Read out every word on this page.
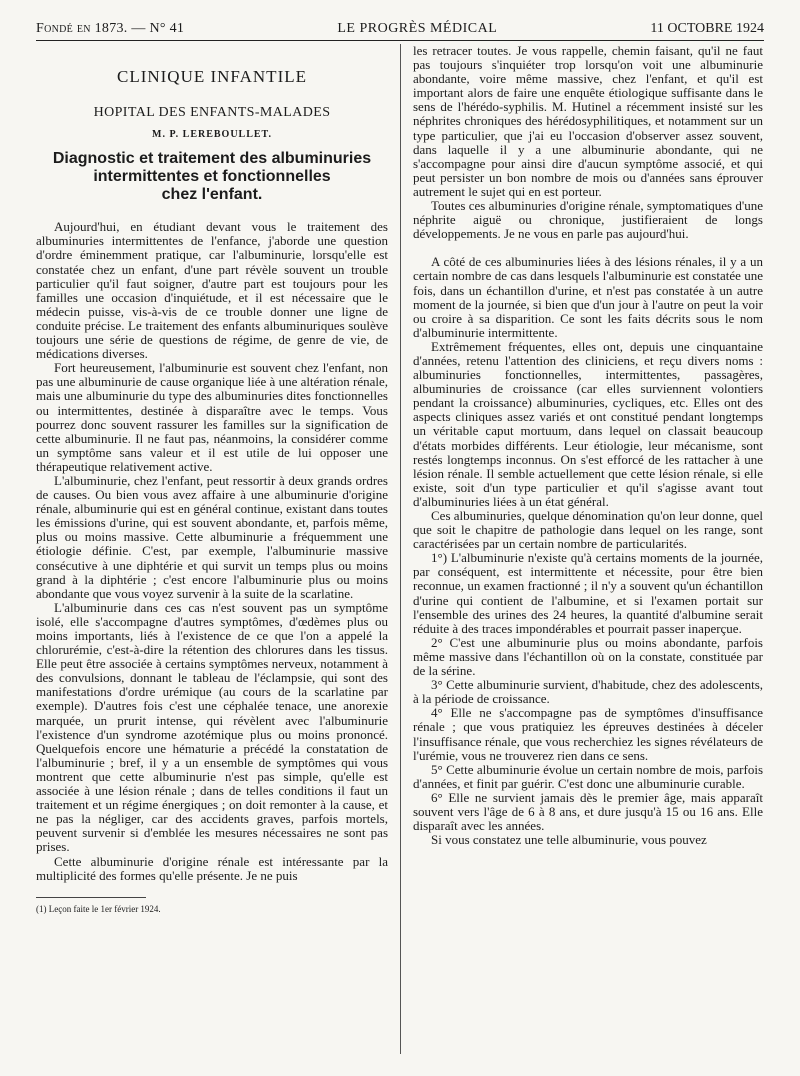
Fondé en 1873. — N° 41	LE PROGRÈS MÉDICAL	11 OCTOBRE 1924
CLINIQUE INFANTILE
HOPITAL DES ENFANTS-MALADES
M. P. LEREBOULLET.
Diagnostic et traitement des albuminuries
intermittentes et fonctionnelles
chez l'enfant.

Aujourd'hui, en étudiant devant vous le traitement des albuminuries intermittentes de l'enfance, j'aborde une question d'ordre éminemment pratique, car l'albuminurie, lorsqu'elle est constatée chez un enfant, d'une part révèle souvent un trouble particulier qu'il faut soigner, d'autre part est toujours pour les familles une occasion d'inquiétude, et il est nécessaire que le médecin puisse, vis-à-vis de ce trouble donner une ligne de conduite précise. Le traitement des enfants albuminuriques soulève toujours une série de questions de régime, de genre de vie, de médications diverses.

Fort heureusement, l'albuminurie est souvent chez l'enfant, non pas une albuminurie de cause organique liée à une altération rénale, mais une albuminurie du type des albuminuries dites fonctionnelles ou intermittentes, destinée à disparaître avec le temps. Vous pourrez donc souvent rassurer les familles sur la signification de cette albuminurie. Il ne faut pas, néanmoins, la considérer comme un symptôme sans valeur et il est utile de lui opposer une thérapeutique relativement active.

L'albuminurie, chez l'enfant, peut ressortir à deux grands ordres de causes. Ou bien vous avez affaire à une albuminurie d'origine rénale, albuminurie qui est en général continue, existant dans toutes les émissions d'urine, qui est souvent abondante, et, parfois même, plus ou moins massive. Cette albuminurie a fréquemment une étiologie définie. C'est, par exemple, l'albuminurie massive consécutive à une diphtérie et qui survit un temps plus ou moins grand à la diphtérie ; c'est encore l'albuminurie plus ou moins abondante que vous voyez survenir à la suite de la scarlatine.

L'albuminurie dans ces cas n'est souvent pas un symptôme isolé, elle s'accompagne d'autres symptômes, d'œdèmes plus ou moins importants, liés à l'existence de ce que l'on a appelé la chlorurémie, c'est-à-dire la rétention des chlorures dans les tissus. Elle peut être associée à certains symptômes nerveux, notamment à des convulsions, donnant le tableau de l'éclampsie, qui sont des manifestations d'ordre urémique (au cours de la scarlatine par exemple). D'autres fois c'est une céphalée tenace, une anorexie marquée, un prurit intense, qui révèlent avec l'albuminurie l'existence d'un syndrome azotémique plus ou moins prononcé. Quelquefois encore une hématurie a précédé la constatation de l'albuminurie ; bref, il y a un ensemble de symptômes qui vous montrent que cette albuminurie n'est pas simple, qu'elle est associée à une lésion rénale ; dans de telles conditions il faut un traitement et un régime énergiques ; on doit remonter à la cause, et ne pas la négliger, car des accidents graves, parfois mortels, peuvent survenir si d'emblée les mesures nécessaires ne sont pas prises.

Cette albuminurie d'origine rénale est intéressante par la multiplicité des formes qu'elle présente. Je ne puis

(1) Leçon faite le 1er février 1924.

les retracer toutes. Je vous rappelle, chemin faisant, qu'il ne faut pas toujours s'inquiéter trop lorsqu'on voit une albuminurie abondante, voire même massive, chez l'enfant, et qu'il est important alors de faire une enquête étiologique suffisante dans le sens de l'hérédo-syphilis. M. Hutinel a récemment insisté sur les néphrites chroniques des hérédosyphilitiques, et notamment sur un type particulier, que j'ai eu l'occasion d'observer assez souvent, dans laquelle il y a une albuminurie abondante, qui ne s'accompagne pour ainsi dire d'aucun symptôme associé, et qui peut persister un bon nombre de mois ou d'années sans éprouver autrement le sujet qui en est porteur.

Toutes ces albuminuries d'origine rénale, symptomatiques d'une néphrite aiguë ou chronique, justifieraient de longs développements. Je ne vous en parle pas aujourd'hui.

A côté de ces albuminuries liées à des lésions rénales, il y a un certain nombre de cas dans lesquels l'albuminurie est constatée une fois, dans un échantillon d'urine, et n'est pas constatée à un autre moment de la journée, si bien que d'un jour à l'autre on peut la voir ou croire à sa disparition. Ce sont les faits décrits sous le nom d'albuminurie intermittente.

Extrêmement fréquentes, elles ont, depuis une cinquantaine d'années, retenu l'attention des cliniciens, et reçu divers noms : albuminuries fonctionnelles, intermittentes, passagères, albuminuries de croissance (car elles surviennent volontiers pendant la croissance) albuminuries, cycliques, etc. Elles ont des aspects cliniques assez variés et ont constitué pendant longtemps un véritable caput mortuum, dans lequel on classait beaucoup d'états morbides différents. Leur étiologie, leur mécanisme, sont restés longtemps inconnus. On s'est efforcé de les rattacher à une lésion rénale. Il semble actuellement que cette lésion rénale, si elle existe, soit d'un type particulier et qu'il s'agisse avant tout d'albuminuries liées à un état général.

Ces albuminuries, quelque dénomination qu'on leur donne, quel que soit le chapitre de pathologie dans lequel on les range, sont caractérisées par un certain nombre de particularités.

1°) L'albuminurie n'existe qu'à certains moments de la journée, par conséquent, est intermittente et nécessite, pour être bien reconnue, un examen fractionné ; il n'y a souvent qu'un échantillon d'urine qui contient de l'albumine, et si l'examen portait sur l'ensemble des urines des 24 heures, la quantité d'albumine serait réduite à des traces impondérables et pourrait passer inaperçue.

2° C'est une albuminurie plus ou moins abondante, parfois même massive dans l'échantillon où on la constate, constituée par de la sérine.

3° Cette albuminurie survient, d'habitude, chez des adolescents, à la période de croissance.

4° Elle ne s'accompagne pas de symptômes d'insuffisance rénale ; que vous pratiquiez les épreuves destinées à déceler l'insuffisance rénale, que vous recherchiez les signes révélateurs de l'urémie, vous ne trouverez rien dans ce sens.

5° Cette albuminurie évolue un certain nombre de mois, parfois d'années, et finit par guérir. C'est donc une albuminurie curable.

6° Elle ne survient jamais dès le premier âge, mais apparaît souvent vers l'âge de 6 à 8 ans, et dure jusqu'à 15 ou 16 ans. Elle disparaît avec les années.

Si vous constatez une telle albuminurie, vous pouvez
